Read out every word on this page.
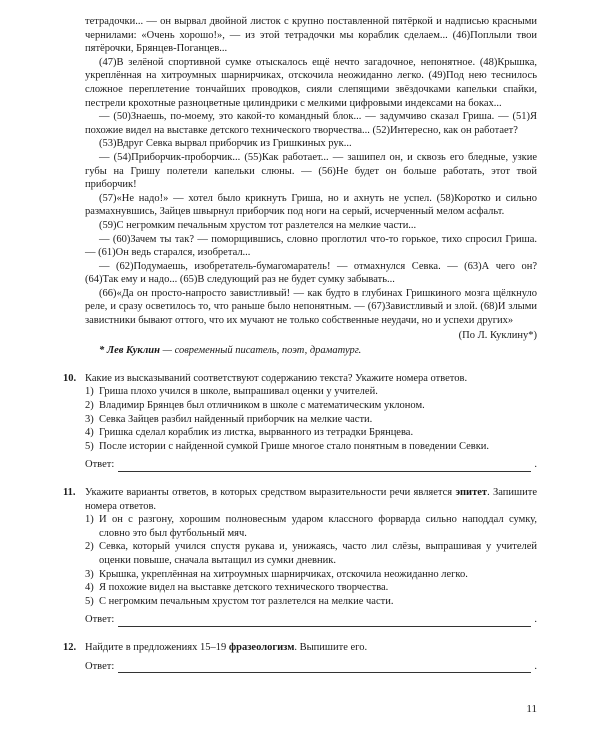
тетрадочки... — он вырвал двойной листок с крупно поставленной пятёркой и надписью красными чернилами: «Очень хорошо!», — из этой тетрадочки мы кораблик сделаем... (46)Поплыли твои пятёрочки, Брянцев-Поганцев...

(47)В зелёной спортивной сумке отыскалось ещё нечто загадочное, непонятное. (48)Крышка, укреплённая на хитроумных шарнирчиках, отскочила неожиданно легко. (49)Под нею теснилось сложное переплетение тончайших проводков, сияли слепящими звёздочками капельки спайки, пестрели крохотные разноцветные цилиндрики с мелкими цифровыми индексами на боках...

— (50)Знаешь, по-моему, это какой-то командный блок... — задумчиво сказал Гриша. — (51)Я похожие видел на выставке детского технического творчества... (52)Интересно, как он работает?

(53)Вдруг Севка вырвал приборчик из Гришкиных рук...

— (54)Приборчик-проборчик... (55)Как работает... — зашипел он, и сквозь его бледные, узкие губы на Гришу полетели капельки слюны. — (56)Не будет он больше работать, этот твой приборчик!

(57)«Не надо!» — хотел было крикнуть Гриша, но и ахнуть не успел. (58)Коротко и сильно размахнувшись, Зайцев швырнул приборчик под ноги на серый, исчерченный мелом асфальт.

(59)С негромким печальным хрустом тот разлетелся на мелкие части...

— (60)Зачем ты так? — поморщившись, словно проглотил что-то горькое, тихо спросил Гриша. — (61)Он ведь старался, изобретал...

— (62)Подумаешь, изобретатель-бумагомаратель! — отмахнулся Севка. — (63)А чего он? (64)Так ему и надо... (65)В следующий раз не будет сумку забывать...

(66)«Да он просто-напросто завистливый! — как будто в глубинах Гришкиного мозга щёлкнуло реле, и сразу осветилось то, что раньше было непонятным. — (67)Завистливый и злой. (68)И злыми завистники бывают оттого, что их мучают не только собственные неудачи, но и успехи других»

(По Л. Куклину*)

* Лев Куклин — современный писатель, поэт, драматург.

10. Какие из высказываний соответствуют содержанию текста? Укажите номера ответов.

1) Гриша плохо учился в школе, выпрашивал оценки у учителей.
2) Владимир Брянцев был отличником в школе с математическим уклоном.
3) Севка Зайцев разбил найденный приборчик на мелкие части.
4) Гришка сделал кораблик из листка, вырванного из тетрадки Брянцева.
5) После истории с найденной сумкой Грише многое стало понятным в поведении Севки.
Ответ:	.
11. Укажите варианты ответов, в которых средством выразительности речи является эпитет. Запишите номера ответов.

1) И он с разгону, хорошим полновесным ударом классного форварда сильно наподдал сумку, словно это был футбольный мяч.
2) Севка, который учился спустя рукава и, унижаясь, часто лил слёзы, выпрашивая у учителей оценки повыше, сначала вытащил из сумки дневник.
3) Крышка, укреплённая на хитроумных шарнирчиках, отскочила неожиданно легко.
4) Я похожие видел на выставке детского технического творчества.
5) С негромким печальным хрустом тот разлетелся на мелкие части.
Ответ:	.
12. Найдите в предложениях 15–19 фразеологизм. Выпишите его.

Ответ:	.
11
